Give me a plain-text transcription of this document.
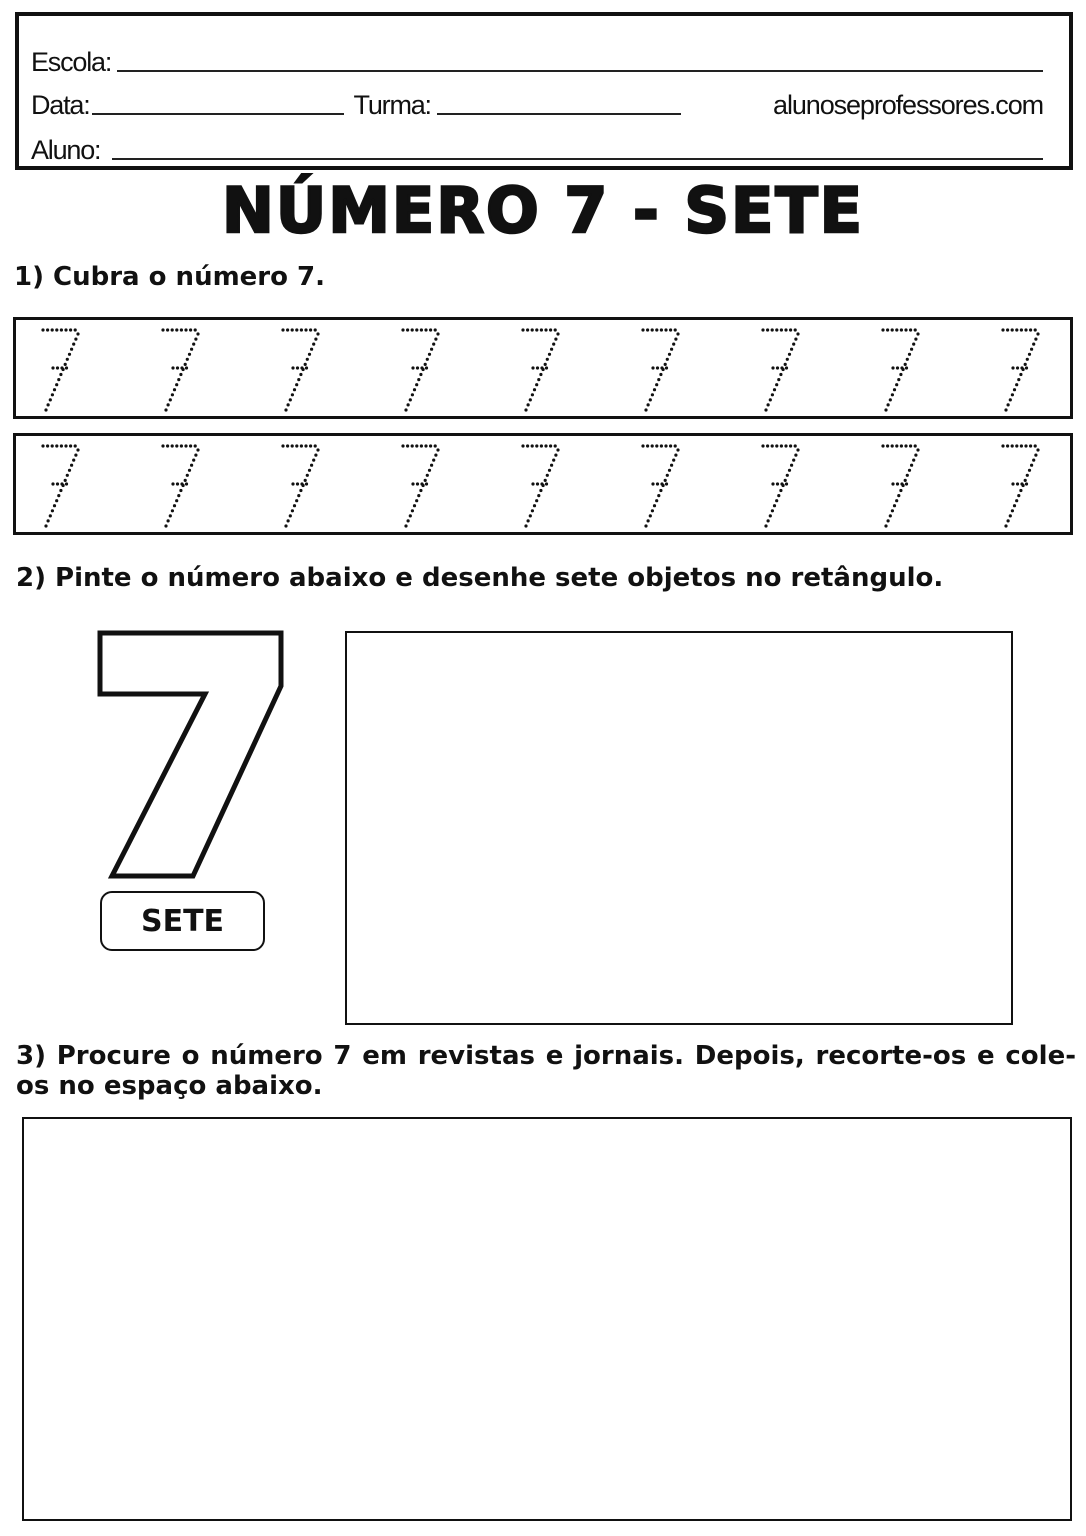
Escola:
Data:	Turma:	alunoseprofessores.com
Aluno:
NÚMERO 7 - SETE
1) Cubra o número 7.
2) Pinte o número abaixo e desenhe sete objetos no retângulo.
SETE
3) Procure o número 7 em revistas e jornais. Depois, recorte-os e cole-os no espaço abaixo.
